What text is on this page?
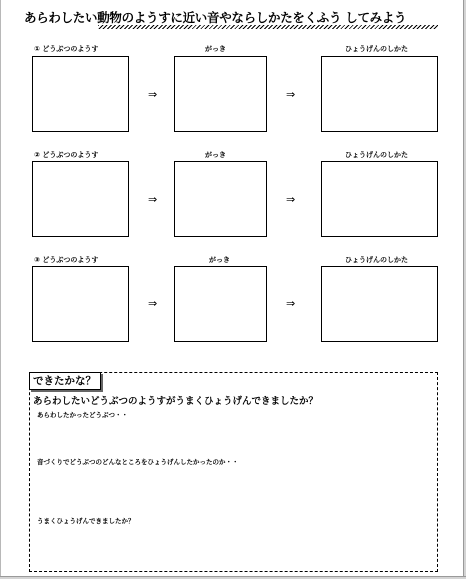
あらわしたい動物のようすに近い音やならしかたをくふう してみよう
① どうぶつのようす	がっき	ひょうげんのしかた
⇒	⇒
② どうぶつのようす	がっき	ひょうげんのしかた
⇒	⇒
③ どうぶつのようす	がっき	ひょうげんのしかた
⇒	⇒
できたかな？
あらわしたいどうぶつのようすがうまくひょうげんできましたか？
あらわしたかったどうぶつ・・
音づくりでどうぶつのどんなところをひょうげんしたかったのか・・
うまくひょうげんできましたか？
